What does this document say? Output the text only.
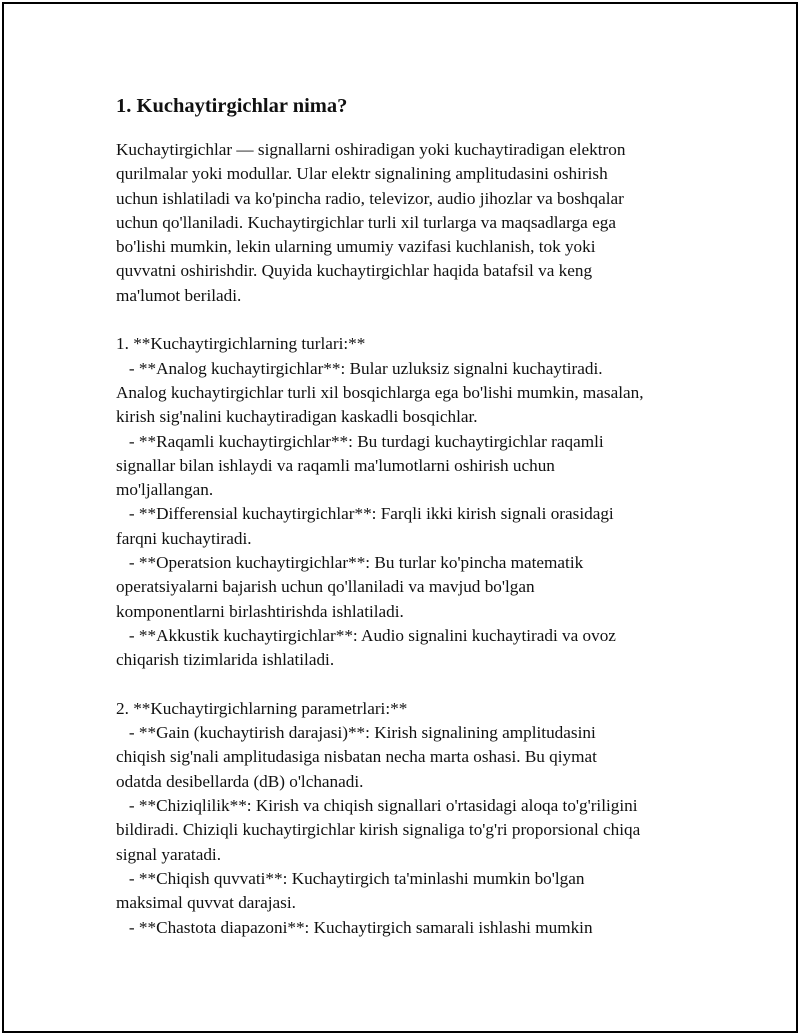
1. Kuchaytirgichlar nima?
Kuchaytirgichlar — signallarni oshiradigan yoki kuchaytiradigan elektron
qurilmalar yoki modullar. Ular elektr signalining amplitudasini oshirish
uchun ishlatiladi va ko'pincha radio, televizor, audio jihozlar va boshqalar
uchun qo'llaniladi. Kuchaytirgichlar turli xil turlarga va maqsadlarga ega
bo'lishi mumkin, lekin ularning umumiy vazifasi kuchlanish, tok yoki
quvvatni oshirishdir. Quyida kuchaytirgichlar haqida batafsil va keng
ma'lumot beriladi.
1. **Kuchaytirgichlarning turlari:**
- **Analog kuchaytirgichlar**: Bular uzluksiz signalni kuchaytiradi.
Analog kuchaytirgichlar turli xil bosqichlarga ega bo'lishi mumkin, masalan,
kirish sig'nalini kuchaytiradigan kaskadli bosqichlar.
- **Raqamli kuchaytirgichlar**: Bu turdagi kuchaytirgichlar raqamli
signallar bilan ishlaydi va raqamli ma'lumotlarni oshirish uchun
mo'ljallangan.
- **Differensial kuchaytirgichlar**: Farqli ikki kirish signali orasidagi
farqni kuchaytiradi.
- **Operatsion kuchaytirgichlar**: Bu turlar ko'pincha matematik
operatsiyalarni bajarish uchun qo'llaniladi va mavjud bo'lgan
komponentlarni birlashtirishda ishlatiladi.
- **Akkustik kuchaytirgichlar**: Audio signalini kuchaytiradi va ovoz
chiqarish tizimlarida ishlatiladi.
2. **Kuchaytirgichlarning parametrlari:**
- **Gain (kuchaytirish darajasi)**: Kirish signalining amplitudasini
chiqish sig'nali amplitudasiga nisbatan necha marta oshasi. Bu qiymat
odatda desibellarda (dB) o'lchanadi.
- **Chiziqlilik**: Kirish va chiqish signallari o'rtasidagi aloqa to'g'riligini
bildiradi. Chiziqli kuchaytirgichlar kirish signaliga to'g'ri proporsional chiqa
signal yaratadi.
- **Chiqish quvvati**: Kuchaytirgich ta'minlashi mumkin bo'lgan
maksimal quvvat darajasi.
- **Chastota diapazoni**: Kuchaytirgich samarali ishlashi mumkin
